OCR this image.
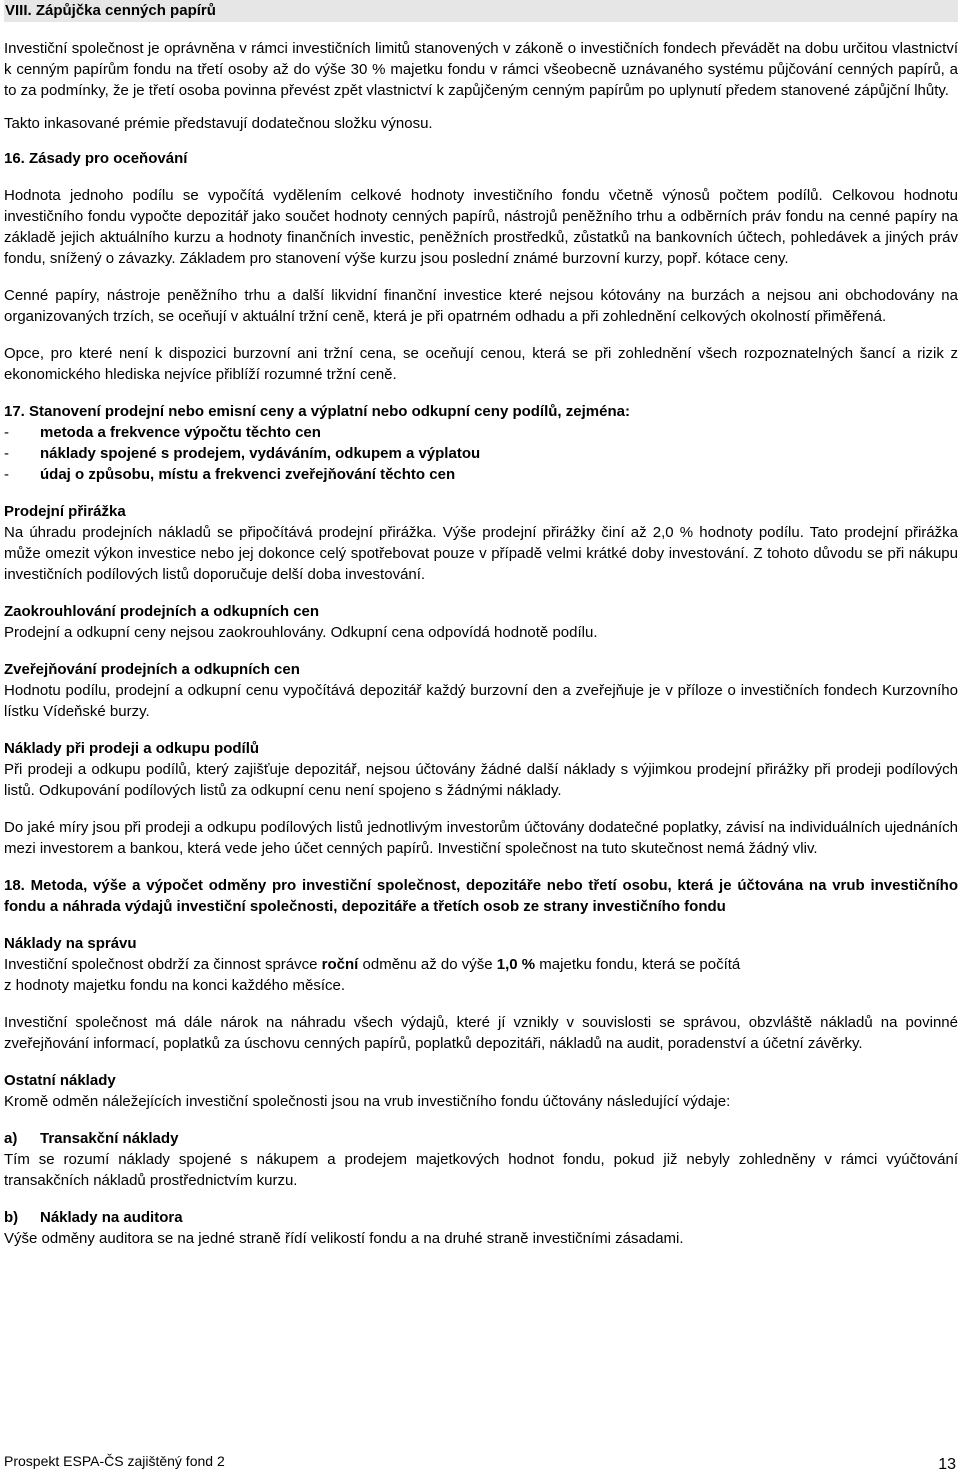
VIII. Zápůjčka cenných papírů

Investiční společnost je oprávněna v rámci investičních limitů stanovených v zákoně o investičních fondech převádět na dobu určitou vlastnictví k cenným papírům fondu na třetí osoby až do výše 30 % majetku fondu v rámci všeobecně uznávaného systému půjčování cenných papírů, a to za podmínky, že je třetí osoba povinna převést zpět vlastnictví k zapůjčeným cenným papírům po uplynutí předem stanovené zápůjční lhůty.

Takto inkasované prémie představují dodatečnou složku výnosu.

16. Zásady pro oceňování

Hodnota jednoho podílu se vypočítá vydělením celkové hodnoty investičního fondu včetně výnosů počtem podílů. Celkovou hodnotu investičního fondu vypočte depozitář jako součet hodnoty cenných papírů, nástrojů peněžního trhu a odběrních práv fondu na cenné papíry na základě jejich aktuálního kurzu a hodnoty finančních investic, peněžních prostředků, zůstatků na bankovních účtech, pohledávek a jiných práv fondu, snížený o závazky. Základem pro stanovení výše kurzu jsou poslední známé burzovní kurzy, popř. kótace ceny.

Cenné papíry, nástroje peněžního trhu a další likvidní finanční investice které nejsou kótovány na burzách a nejsou ani obchodovány na organizovaných trzích, se oceňují v aktuální tržní ceně, která je při opatrném odhadu a při zohlednění celkových okolností přiměřená.

Opce, pro které není k dispozici burzovní ani tržní cena, se oceňují cenou, která se při zohlednění všech rozpoznatelných šancí a rizik z ekonomického hlediska nejvíce přiblíží rozumné tržní ceně.

17. Stanovení prodejní nebo emisní ceny a výplatní nebo odkupní ceny podílů, zejména:

-	metoda a frekvence výpočtu těchto cen
-	náklady spojené s prodejem, vydáváním, odkupem a výplatou
-	údaj o způsobu, místu a frekvenci zveřejňování těchto cen

Prodejní přirážka

Na úhradu prodejních nákladů se připočítává prodejní přirážka. Výše prodejní přirážky činí až 2,0 % hodnoty podílu. Tato prodejní přirážka může omezit výkon investice nebo jej dokonce celý spotřebovat pouze v případě velmi krátké doby investování. Z tohoto důvodu se při nákupu investičních podílových listů doporučuje delší doba investování.

Zaokrouhlování prodejních a odkupních cen

Prodejní a odkupní ceny nejsou zaokrouhlovány. Odkupní cena odpovídá hodnotě podílu.

Zveřejňování prodejních a odkupních cen

Hodnotu podílu, prodejní a odkupní cenu vypočítává depozitář každý burzovní den a zveřejňuje je v příloze o investičních fondech Kurzovního lístku Vídeňské burzy.

Náklady při prodeji a odkupu podílů

Při prodeji a odkupu podílů, který zajišťuje depozitář, nejsou účtovány žádné další náklady s výjimkou prodejní přirážky při prodeji podílových listů. Odkupování podílových listů za odkupní cenu není spojeno s žádnými náklady.

Do jaké míry jsou při prodeji a odkupu podílových listů jednotlivým investorům účtovány dodatečné poplatky, závisí na individuálních ujednáních mezi investorem a bankou, která vede jeho účet cenných papírů. Investiční společnost na tuto skutečnost nemá žádný vliv.

18. Metoda, výše a výpočet odměny pro investiční společnost, depozitáře nebo třetí osobu, která je účtována na vrub investičního fondu a náhrada výdajů investiční společnosti, depozitáře a třetích osob ze strany investičního fondu

Náklady na správu

Investiční společnost obdrží za činnost správce roční odměnu až do výše 1,0 % majetku fondu, která se počítá
z hodnoty majetku fondu na konci každého měsíce.

Investiční společnost má dále nárok na náhradu všech výdajů, které jí vznikly v souvislosti se správou, obzvláště nákladů na povinné zveřejňování informací, poplatků za úschovu cenných papírů, poplatků depozitáři, nákladů na audit, poradenství a účetní závěrky.

Ostatní náklady

Kromě odměn náležejících investiční společnosti jsou na vrub investičního fondu účtovány následující výdaje:

a) Transakční náklady

Tím se rozumí náklady spojené s nákupem a prodejem majetkových hodnot fondu, pokud již nebyly zohledněny v rámci vyúčtování transakčních nákladů prostřednictvím kurzu.

b) Náklady na auditora

Výše odměny auditora se na jedné straně řídí velikostí fondu a na druhé straně investičními zásadami.

Prospekt ESPA-ČS zajištěný fond 2	13
